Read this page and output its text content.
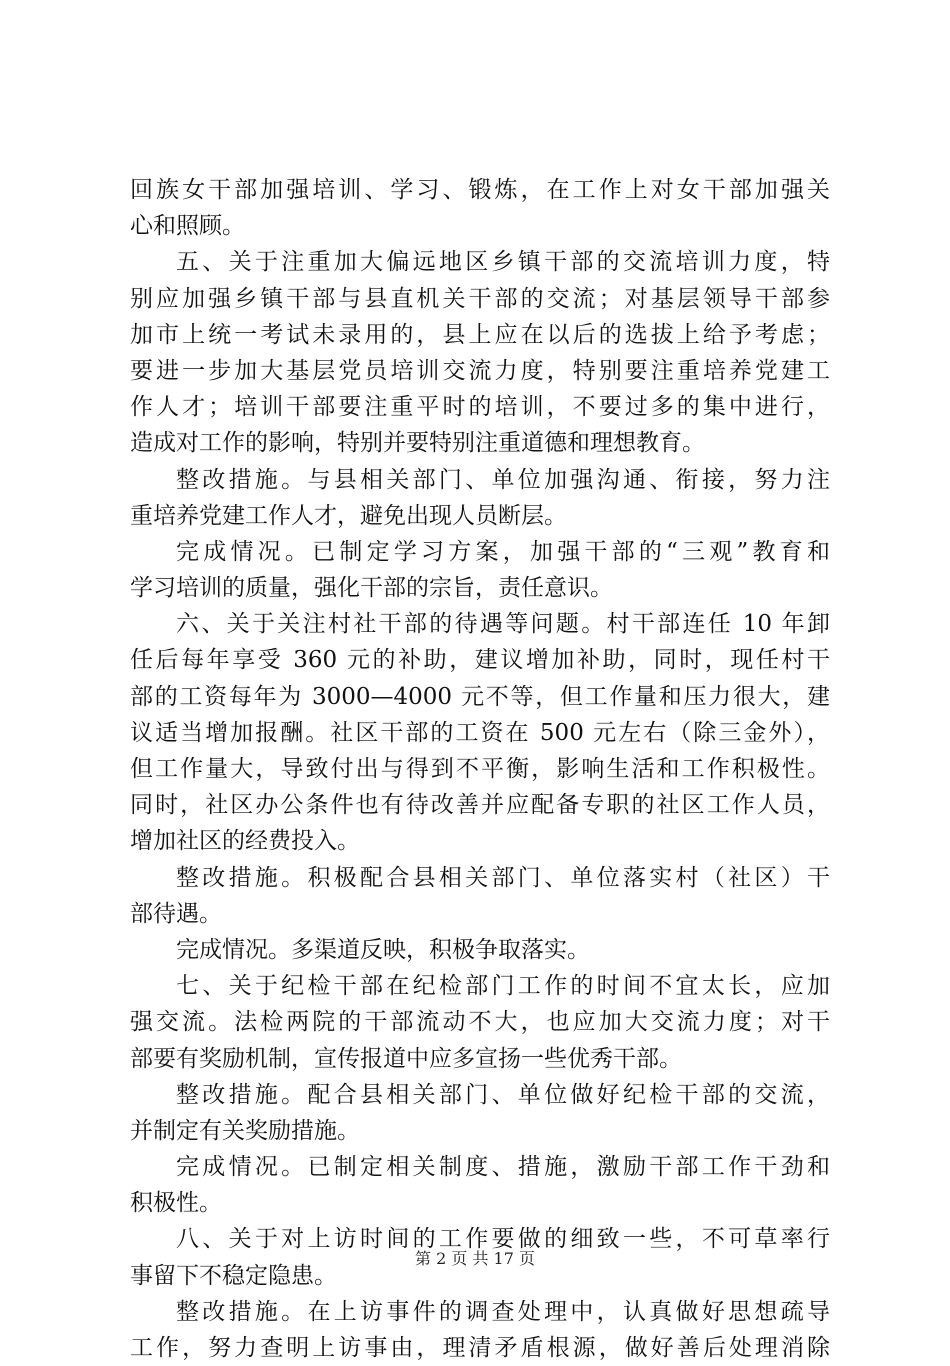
回族女干部加强培训、学习、锻炼，在工作上对女干部加强关
心和照顾。
五、关于注重加大偏远地区乡镇干部的交流培训力度，特
别应加强乡镇干部与县直机关干部的交流；对基层领导干部参
加市上统一考试未录用的，县上应在以后的选拔上给予考虑；
要进一步加大基层党员培训交流力度，特别要注重培养党建工
作人才；培训干部要注重平时的培训，不要过多的集中进行，
造成对工作的影响，特别并要特别注重道德和理想教育。
整改措施。与县相关部门、单位加强沟通、衔接，努力注
重培养党建工作人才，避免出现人员断层。
完成情况。已制定学习方案，加强干部的“三观”教育和
学习培训的质量，强化干部的宗旨，责任意识。
六、关于关注村社干部的待遇等问题。村干部连任 10 年卸
任后每年享受 360 元的补助，建议增加补助，同时，现任村干
部的工资每年为 3000—4000 元不等，但工作量和压力很大，建
议适当增加报酬。社区干部的工资在 500 元左右（除三金外），
但工作量大，导致付出与得到不平衡，影响生活和工作积极性。
同时，社区办公条件也有待改善并应配备专职的社区工作人员，
增加社区的经费投入。
整改措施。积极配合县相关部门、单位落实村（社区）干
部待遇。
完成情况。多渠道反映，积极争取落实。
七、关于纪检干部在纪检部门工作的时间不宜太长，应加
强交流。法检两院的干部流动不大，也应加大交流力度；对干
部要有奖励机制，宣传报道中应多宣扬一些优秀干部。
整改措施。配合县相关部门、单位做好纪检干部的交流，
并制定有关奖励措施。
完成情况。已制定相关制度、措施，激励干部工作干劲和
积极性。
八、关于对上访时间的工作要做的细致一些，不可草率行
事留下不稳定隐患。
整改措施。在上访事件的调查处理中，认真做好思想疏导
工作，努力查明上访事由，理清矛盾根源，做好善后处理消除
第 2 页 共 17 页
